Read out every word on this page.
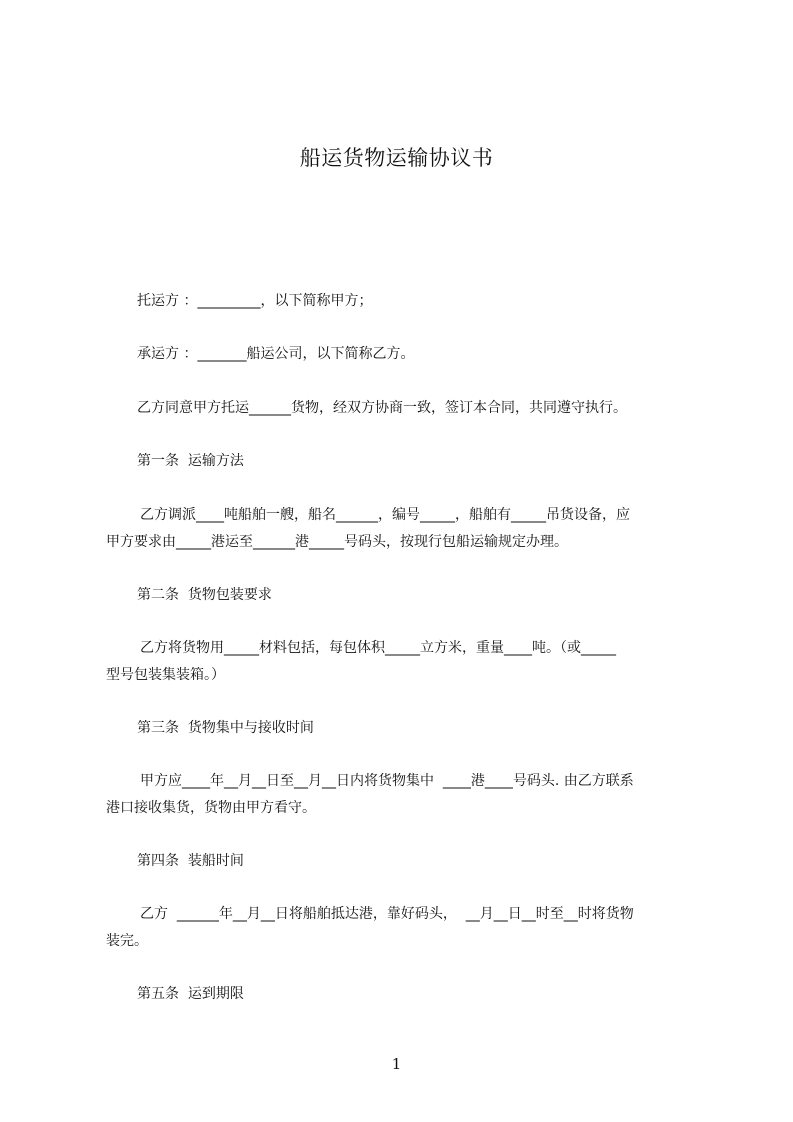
船运货物运输协议书

托运方 ：_________，以下简称甲方；

承运方 ：_______船运公司，以下简称乙方。

乙方同意甲方托运______货物，经双方协商一致，签订本合同，共同遵守执行。

第一条  运输方法

乙方调派____吨船舶一艘，船名______，编号_____，船舶有_____吊货设备，应

甲方要求由_____港运至______港_____号码头，按现行包船运输规定办理。

第二条  货物包装要求

乙方将货物用_____材料包括，每包体积_____立方米，重量____吨。（或_____

型号包装集装箱。）

第三条  货物集中与接收时间

甲方应____年__月__日至__月__日内将货物集中  ____港____号码头. 由乙方联系

港口接收集货，货物由甲方看守。

第四条  装船时间

乙方  ______年__月__日将船舶抵达港，靠好码头，  __月__日__时至__时将货物

装完。

第五条  运到期限

1
